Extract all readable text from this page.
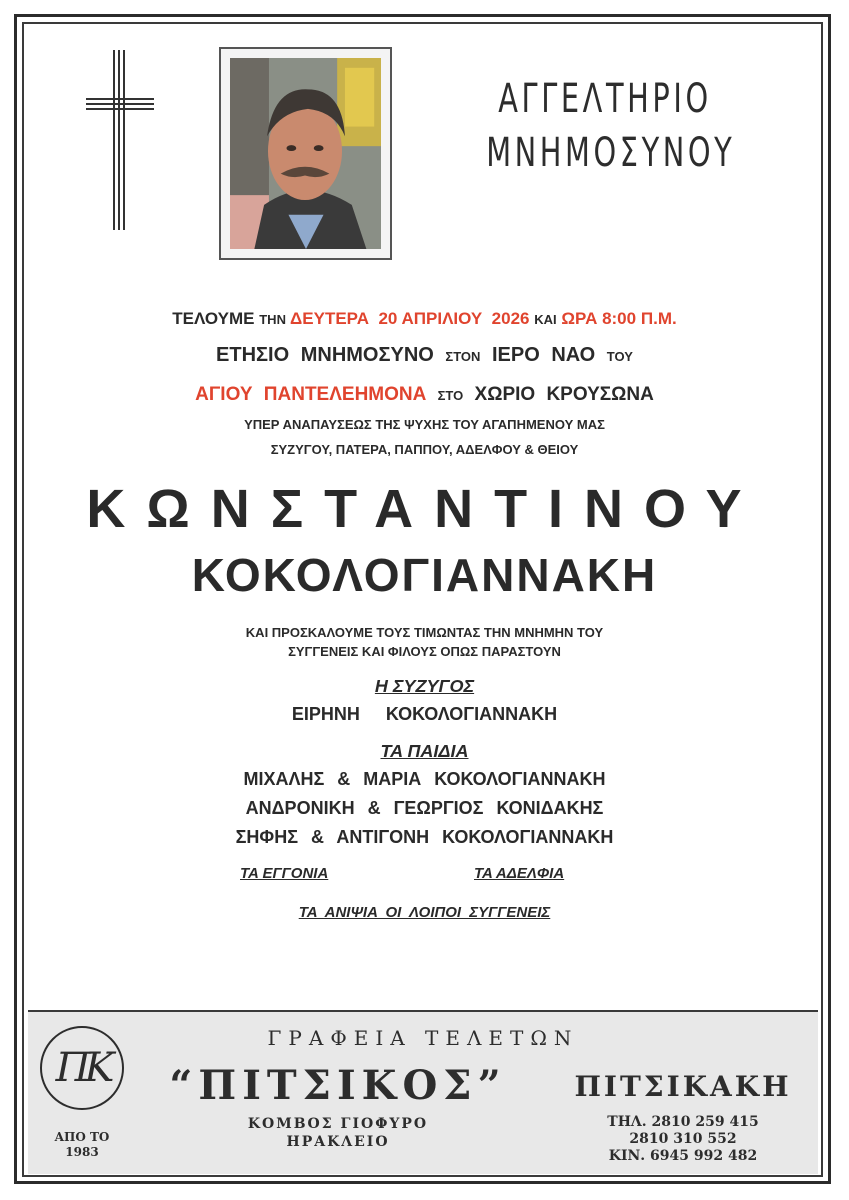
ΑΓΓΕΛΤΗΡΙΟ
ΜΝΗΜΟΣΥΝΟΥ
ΤΕΛΟΥΜΕ ΤΗΝ ΔΕΥΤΕΡΑ  20 ΑΠΡΙΛΙΟΥ  2026 ΚΑΙ ΩΡΑ 8:00 Π.Μ.
ΕΤΗΣΙΟ ΜΝΗΜΟΣΥΝΟ ΣΤΟΝ ΙΕΡΟ ΝΑΟ ΤΟΥ
ΑΓΙΟΥ ΠΑΝΤΕΛΕΗΜΟΝΑ ΣΤΟ ΧΩΡΙΟ ΚΡΟΥΣΩΝΑ
ΥΠΕΡ ΑΝΑΠΑΥΣΕΩΣ ΤΗΣ ΨΥΧΗΣ ΤΟΥ ΑΓΑΠΗΜΕΝΟΥ ΜΑΣ
ΣΥΖΥΓΟΥ, ΠΑΤΕΡΑ, ΠΑΠΠΟΥ, ΑΔΕΛΦΟΥ & ΘΕΙΟΥ
ΚΩΝΣΤΑΝΤΙΝΟΥ
ΚΟΚΟΛΟΓΙΑΝΝΑΚΗ
ΚΑΙ ΠΡΟΣΚΑΛΟΥΜΕ ΤΟΥΣ ΤΙΜΩΝΤΑΣ ΤΗΝ ΜΝΗΜΗΝ ΤΟΥ
ΣΥΓΓΕΝΕΙΣ ΚΑΙ ΦΙΛΟΥΣ ΟΠΩΣ ΠΑΡΑΣΤΟΥΝ
Η ΣΥΖΥΓΟΣ
ΕΙΡΗΝΗ  ΚΟΚΟΛΟΓΙΑΝΝΑΚΗ
ΤΑ ΠΑΙΔΙΑ
ΜΙΧΑΛΗΣ & ΜΑΡΙΑ ΚΟΚΟΛΟΓΙΑΝΝΑΚΗ
ΑΝΔΡΟΝΙΚΗ & ΓΕΩΡΓΙΟΣ ΚΟΝΙΔΑΚΗΣ
ΣΗΦΗΣ & ΑΝΤΙΓΟΝΗ ΚΟΚΟΛΟΓΙΑΝΝΑΚΗ
ΤΑ ΕΓΓΟΝΙΑ	ΤΑ ΑΔΕΛΦΙΑ
ΤΑ ΑΝΙΨΙΑ ΟΙ ΛΟΙΠΟΙ ΣΥΓΓΕΝΕΙΣ
ΓΡΑΦΕΙΑ ΤΕΛΕΤΩΝ
ΠΚ
ΑΠΟ ΤΟ
1983
“ΠΙΤΣΙΚΟΣ”
ΚΟΜΒΟΣ ΓΙΟΦΥΡΟ
ΗΡΑΚΛΕΙΟ
ΠΙΤΣΙΚΑΚΗ
ΤΗΛ. 2810 259 415
2810 310 552
ΚΙΝ. 6945 992 482
